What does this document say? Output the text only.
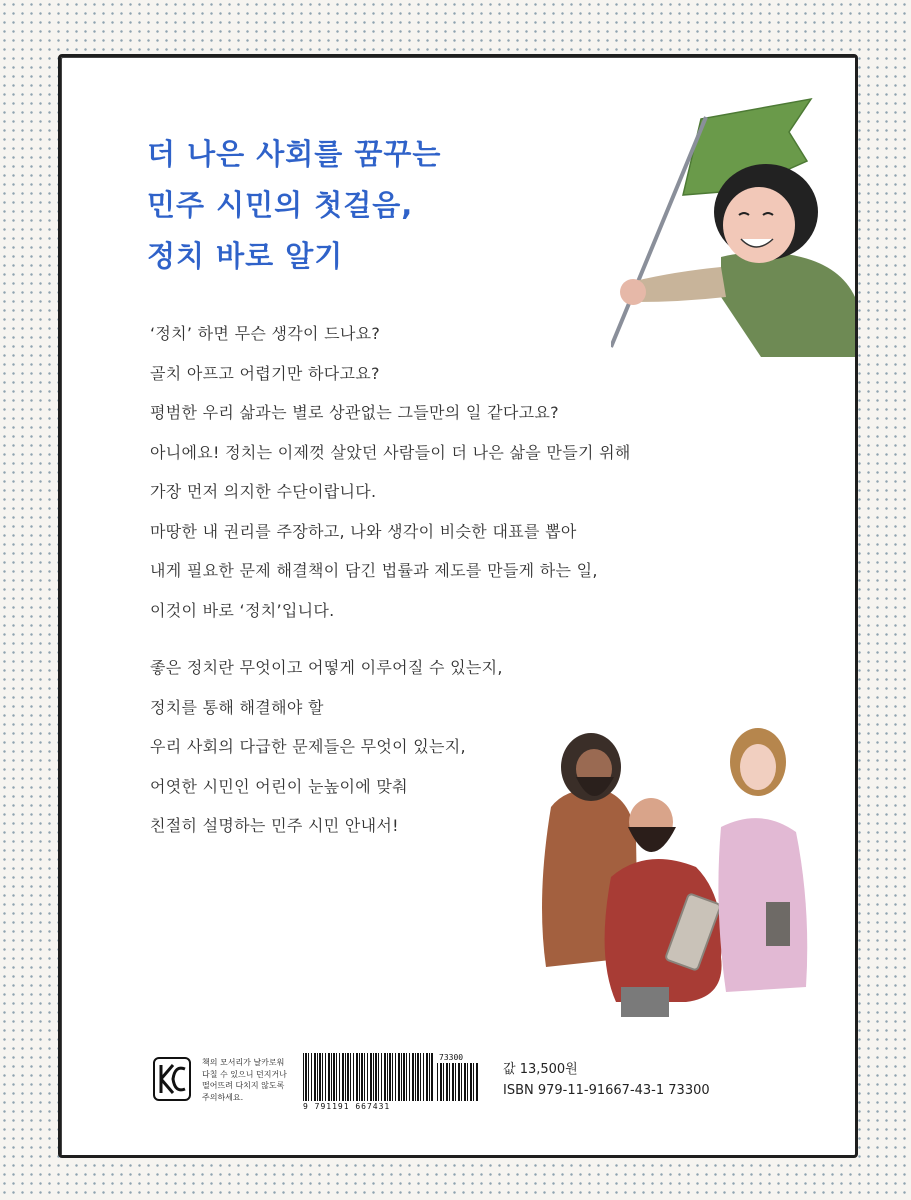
더 나은 사회를 꿈꾸는
민주 시민의 첫걸음,
정치 바로 알기
‘정치’ 하면 무슨 생각이 드나요?
골치 아프고 어렵기만 하다고요?
평범한 우리 삶과는 별로 상관없는 그들만의 일 같다고요?
아니에요! 정치는 이제껏 살았던 사람들이 더 나은 삶을 만들기 위해
가장 먼저 의지한 수단이랍니다.
마땅한 내 권리를 주장하고, 나와 생각이 비슷한 대표를 뽑아
내게 필요한 문제 해결책이 담긴 법률과 제도를 만들게 하는 일,
이것이 바로 ‘정치’입니다.
좋은 정치란 무엇이고 어떻게 이루어질 수 있는지,
정치를 통해 해결해야 할
우리 사회의 다급한 문제들은 무엇이 있는지,
어엿한 시민인 어린이 눈높이에 맞춰
친절히 설명하는 민주 시민 안내서!
책의 모서리가 날카로워
다칠 수 있으니 던지거나
떨어뜨려 다치지 않도록
주의하세요.
9 791191 667431
73300
값 13,500원
ISBN 979-11-91667-43-1 73300
